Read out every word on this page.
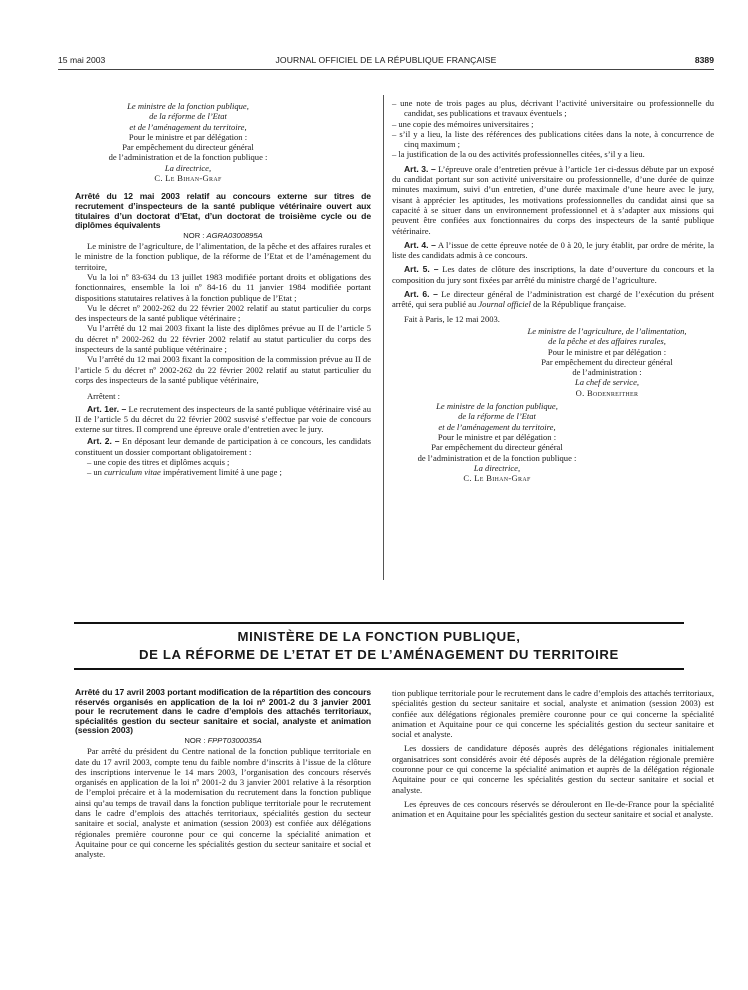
15 mai 2003	JOURNAL OFFICIEL DE LA RÉPUBLIQUE FRANÇAISE	8389

Le ministre de la fonction publique,

de la réforme de l’Etat

et de l’aménagement du territoire,

Pour le ministre et par délégation :

Par empêchement du directeur général

de l’administration et de la fonction publique :

La directrice,

C. Le Bihan-Graf

Arrêté du 12 mai 2003 relatif au concours externe sur titres de recrutement d’inspecteurs de la santé publique vétérinaire ouvert aux titulaires d’un doctorat d’Etat, d’un doctorat de troisième cycle ou de diplômes équivalents

NOR : AGRA0300895A

Le ministre de l’agriculture, de l’alimentation, de la pêche et des affaires rurales et le ministre de la fonction publique, de la réforme de l’Etat et de l’aménagement du territoire,

Vu la loi nº 83-634 du 13 juillet 1983 modifiée portant droits et obligations des fonctionnaires, ensemble la loi nº 84-16 du 11 janvier 1984 modifiée portant dispositions statutaires relatives à la fonction publique de l’Etat ;

Vu le décret nº 2002-262 du 22 février 2002 relatif au statut particulier du corps des inspecteurs de la santé publique vétérinaire ;

Vu l’arrêté du 12 mai 2003 fixant la liste des diplômes prévue au II de l’article 5 du décret nº 2002-262 du 22 février 2002 relatif au statut particulier du corps des inspecteurs de la santé publique vétérinaire ;

Vu l’arrêté du 12 mai 2003 fixant la composition de la commission prévue au II de l’article 5 du décret nº 2002-262 du 22 février 2002 relatif au statut particulier du corps des inspecteurs de la santé publique vétérinaire,

Arrêtent :

Art. 1er. – Le recrutement des inspecteurs de la santé publique vétérinaire visé au II de l’article 5 du décret du 22 février 2002 susvisé s’effectue par voie de concours externe sur titres. Il comprend une épreuve orale d’entretien avec le jury.

Art. 2. – En déposant leur demande de participation à ce concours, les candidats constituent un dossier comportant obligatoirement :

– une copie des titres et diplômes acquis ;

– un curriculum vitae impérativement limité à une page ;

– une note de trois pages au plus, décrivant l’activité universitaire ou professionnelle du candidat, ses publications et travaux éventuels ;

– une copie des mémoires universitaires ;

– s’il y a lieu, la liste des références des publications citées dans la note, à concurrence de cinq maximum ;

– la justification de la ou des activités professionnelles citées, s’il y a lieu.

Art. 3. – L’épreuve orale d’entretien prévue à l’article 1er ci-dessus débute par un exposé du candidat portant sur son activité universitaire ou professionnelle, d’une durée de quinze minutes maximum, suivi d’un entretien, d’une durée maximale d’une heure avec le jury, visant à apprécier les aptitudes, les motivations professionnelles du candidat ainsi que sa capacité à se situer dans un environnement professionnel et à s’adapter aux missions qui peuvent être confiées aux fonctionnaires du corps des inspecteurs de la santé publique vétérinaire.

Art. 4. – A l’issue de cette épreuve notée de 0 à 20, le jury établit, par ordre de mérite, la liste des candidats admis à ce concours.

Art. 5. – Les dates de clôture des inscriptions, la date d’ouverture du concours et la composition du jury sont fixées par arrêté du ministre chargé de l’agriculture.

Art. 6. – Le directeur général de l’administration est chargé de l’exécution du présent arrêté, qui sera publié au Journal officiel de la République française.

Fait à Paris, le 12 mai 2003.

Le ministre de l’agriculture, de l’alimentation,

de la pêche et des affaires rurales,

Pour le ministre et par délégation :

Par empêchement du directeur général

de l’administration :

La chef de service,

O. Bodenreither

Le ministre de la fonction publique,

de la réforme de l’Etat

et de l’aménagement du territoire,

Pour le ministre et par délégation :

Par empêchement du directeur général

de l’administration et de la fonction publique :

La directrice,

C. Le Bihan-Graf

MINISTÈRE DE LA FONCTION PUBLIQUE,
DE LA RÉFORME DE L’ETAT ET DE L’AMÉNAGEMENT DU TERRITOIRE

Arrêté du 17 avril 2003 portant modification de la répartition des concours réservés organisés en application de la loi nº 2001-2 du 3 janvier 2001 pour le recrutement dans le cadre d’emplois des attachés territoriaux, spécialités gestion du secteur sanitaire et social, analyste et animation (session 2003)

NOR : FPPT0300035A

Par arrêté du président du Centre national de la fonction publique territoriale en date du 17 avril 2003, compte tenu du faible nombre d’inscrits à l’issue de la clôture des inscriptions intervenue le 14 mars 2003, l’organisation des concours réservés organisés en application de la loi nº 2001-2 du 3 janvier 2001 relative à la résorption de l’emploi précaire et à la modernisation du recrutement dans la fonction publique ainsi qu’au temps de travail dans la fonction publique territoriale pour le recrutement dans le cadre d’emplois des attachés territoriaux, spécialités gestion du secteur sanitaire et social, analyste et animation (session 2003) est confiée aux délégations régionales première couronne pour ce qui concerne la spécialité animation et Aquitaine pour ce qui concerne les spécialités gestion du secteur sanitaire et social et analyste.

tion publique territoriale pour le recrutement dans le cadre d’emplois des attachés territoriaux, spécialités gestion du secteur sanitaire et social, analyste et animation (session 2003) est confiée aux délégations régionales première couronne pour ce qui concerne la spécialité animation et Aquitaine pour ce qui concerne les spécialités gestion du secteur sanitaire et social et analyste.

Les dossiers de candidature déposés auprès des délégations régionales initialement organisatrices sont considérés avoir été déposés auprès de la délégation régionale première couronne pour ce qui concerne la spécialité animation et auprès de la délégation régionale Aquitaine pour ce qui concerne les spécialités gestion du secteur sanitaire et social et analyste.

Les épreuves de ces concours réservés se dérouleront en Ile-de-France pour la spécialité animation et en Aquitaine pour les spécialités gestion du secteur sanitaire et social et analyste.
